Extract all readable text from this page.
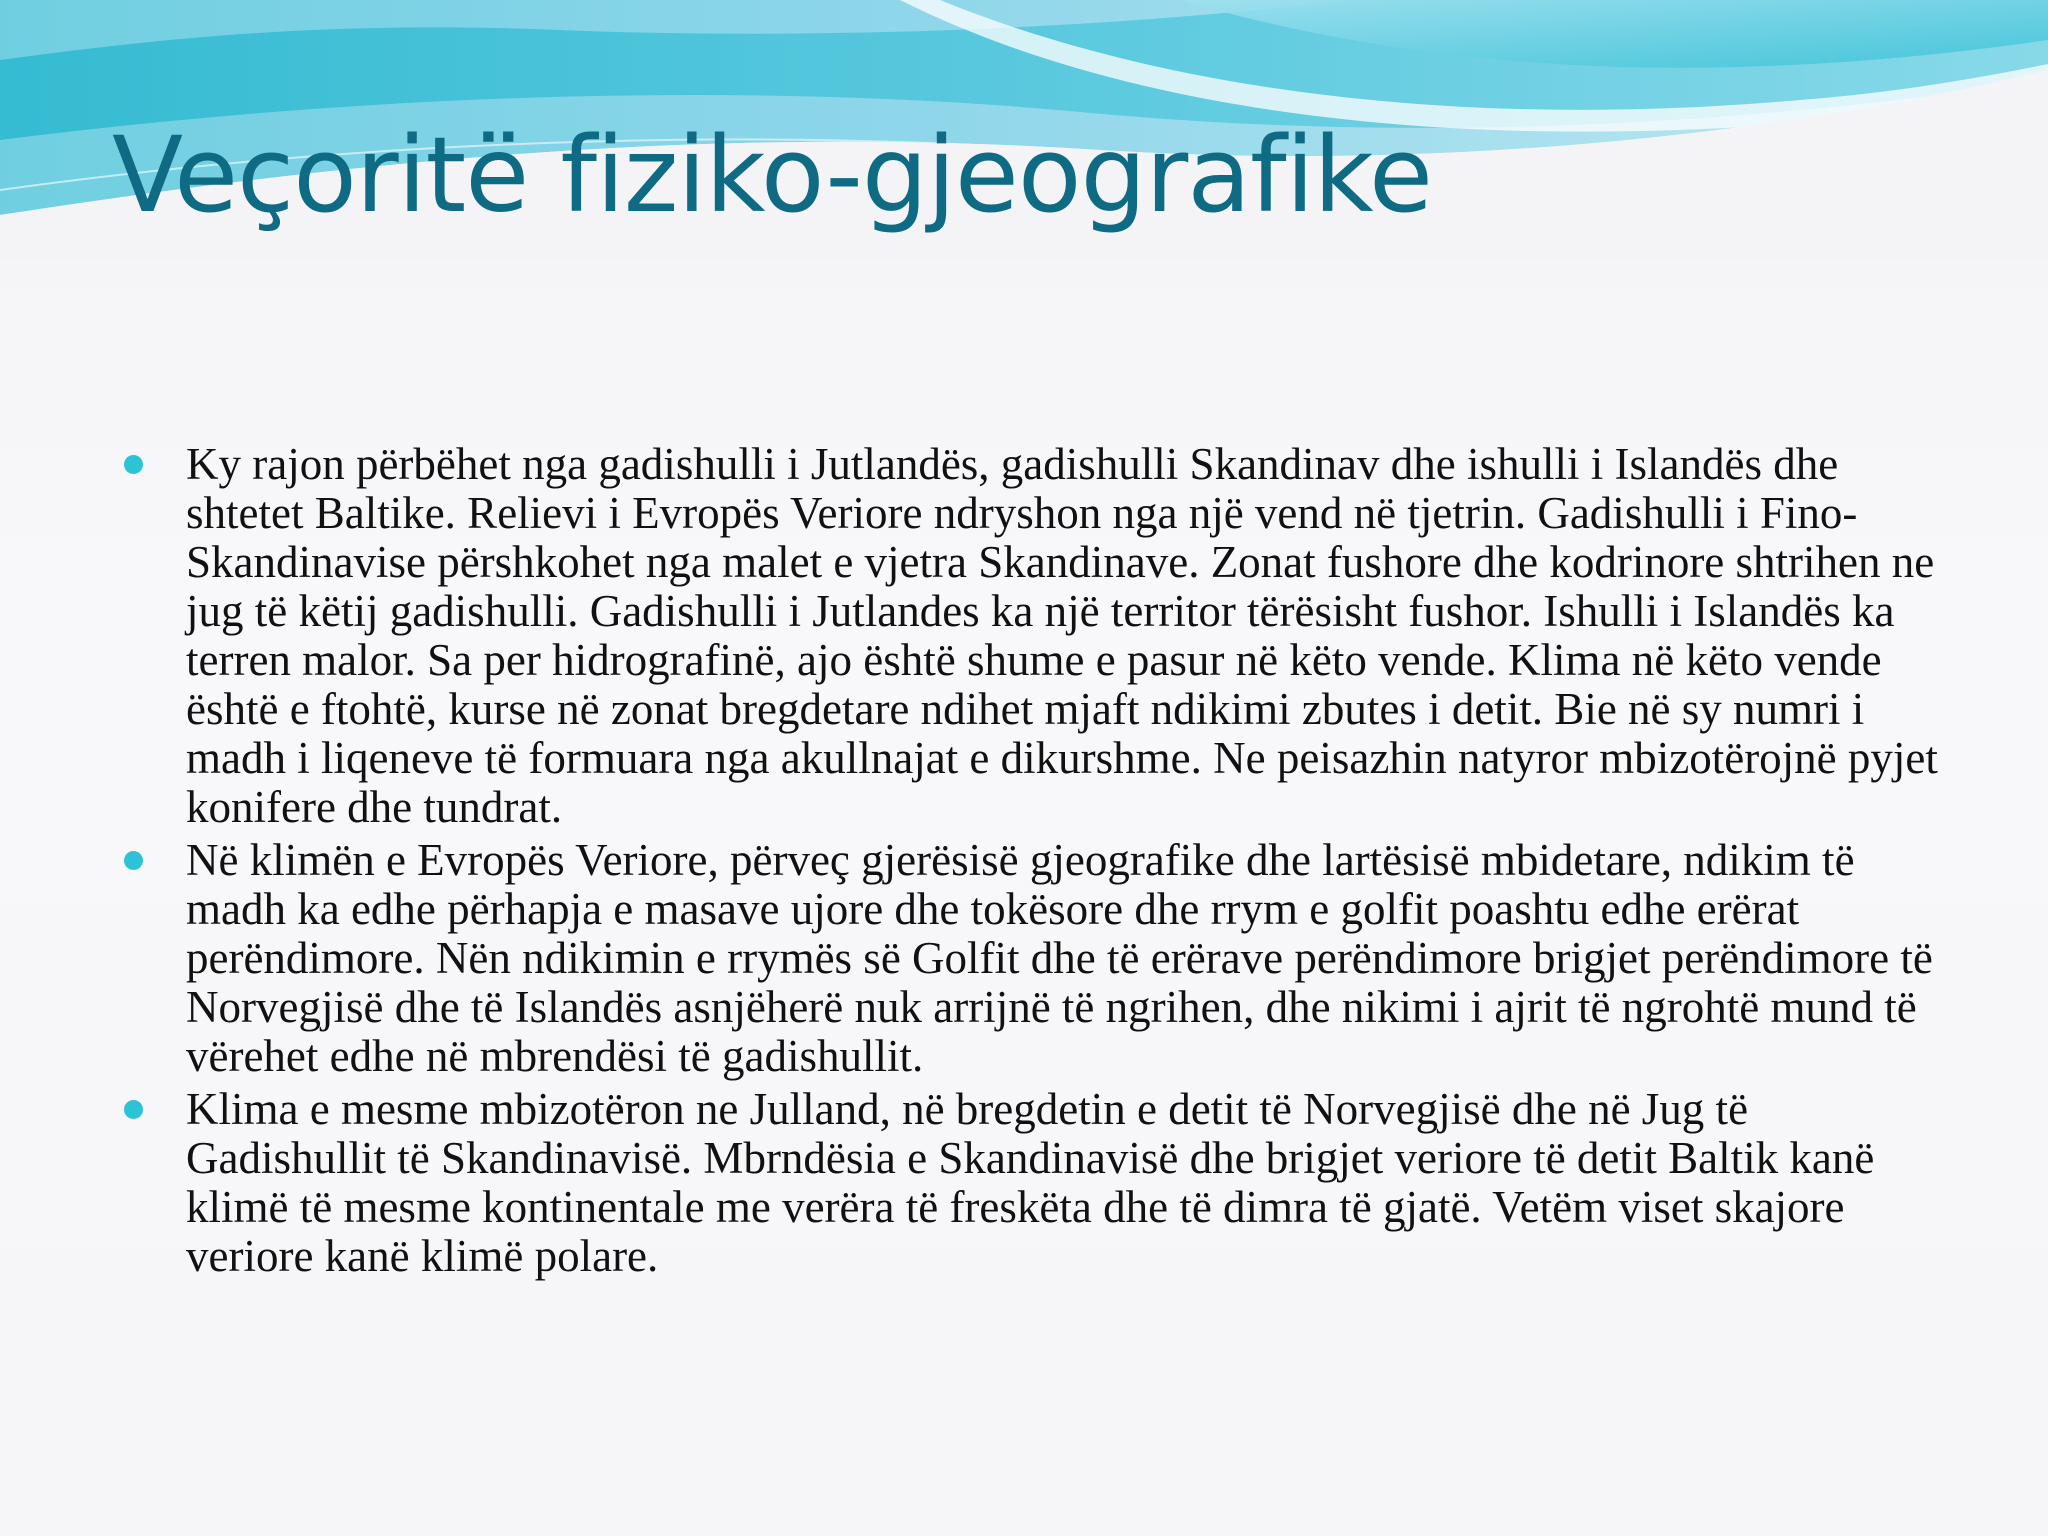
Veçoritë fiziko-gjeografike
Ky rajon përbëhet nga gadishulli i Jutlandës, gadishulli Skandinav dhe ishulli i Islandës dhe shtetet Baltike. Relievi i Evropës Veriore ndryshon nga një vend në tjetrin. Gadishulli i Fino-Skandinavise përshkohet nga malet e vjetra Skandinave. Zonat fushore dhe kodrinore shtrihen ne jug të këtij gadishulli. Gadishulli i Jutlandes ka një territor tërësisht fushor. Ishulli i Islandës ka terren malor. Sa per hidrografinë, ajo është shume e pasur në këto vende. Klima në këto vende është e ftohtë, kurse në zonat bregdetare ndihet mjaft ndikimi zbutes i detit. Bie në sy numri i madh i liqeneve të formuara nga akullnajat e dikurshme. Ne peisazhin natyror mbizotërojnë pyjet konifere dhe tundrat.
Në klimën e Evropës Veriore, përveç gjerësisë gjeografike dhe lartësisë mbidetare, ndikim të madh ka edhe përhapja e masave ujore dhe tokësore dhe rrym e golfit poashtu edhe erërat perëndimore. Nën ndikimin e rrymës së Golfit dhe të erërave perëndimore brigjet perëndimore të Norvegjisë dhe të Islandës asnjëherë nuk arrijnë të ngrihen, dhe nikimi i ajrit të ngrohtë mund të vërehet edhe në mbrendësi të gadishullit.
Klima e mesme mbizotëron ne Julland, në bregdetin e detit të Norvegjisë dhe në Jug të Gadishullit të Skandinavisë. Mbrndësia e Skandinavisë dhe brigjet veriore të detit Baltik kanë klimë të mesme kontinentale me verëra të freskëta dhe të dimra të gjatë. Vetëm viset skajore veriore kanë klimë polare.
